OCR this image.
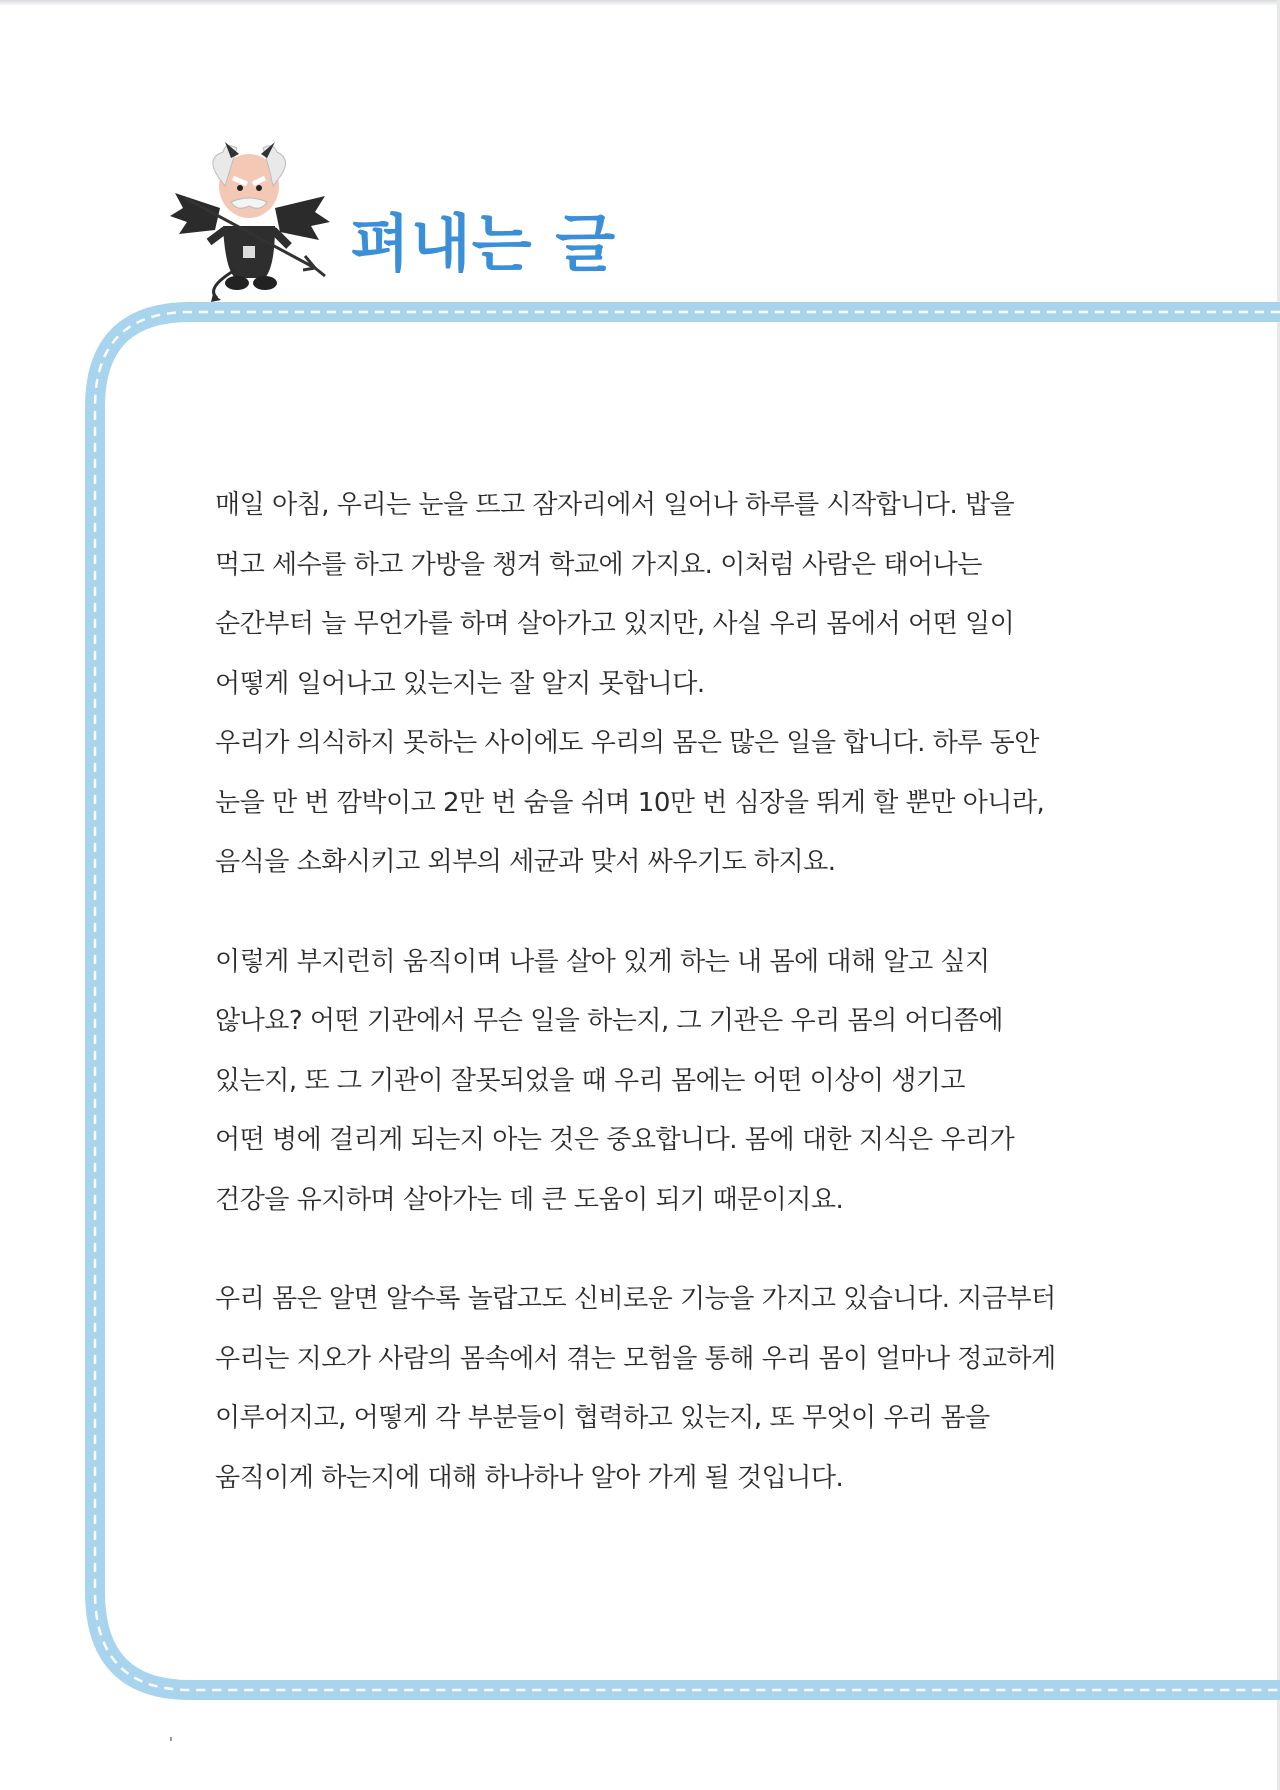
펴내는 글
매일 아침, 우리는 눈을 뜨고 잠자리에서 일어나 하루를 시작합니다. 밥을
먹고 세수를 하고 가방을 챙겨 학교에 가지요. 이처럼 사람은 태어나는
순간부터 늘 무언가를 하며 살아가고 있지만, 사실 우리 몸에서 어떤 일이
어떻게 일어나고 있는지는 잘 알지 못합니다.
우리가 의식하지 못하는 사이에도 우리의 몸은 많은 일을 합니다. 하루 동안
눈을 만 번 깜박이고 2만 번 숨을 쉬며 10만 번 심장을 뛰게 할 뿐만 아니라,
음식을 소화시키고 외부의 세균과 맞서 싸우기도 하지요.
이렇게 부지런히 움직이며 나를 살아 있게 하는 내 몸에 대해 알고 싶지
않나요? 어떤 기관에서 무슨 일을 하는지, 그 기관은 우리 몸의 어디쯤에
있는지, 또 그 기관이 잘못되었을 때 우리 몸에는 어떤 이상이 생기고
어떤 병에 걸리게 되는지 아는 것은 중요합니다. 몸에 대한 지식은 우리가
건강을 유지하며 살아가는 데 큰 도움이 되기 때문이지요.
우리 몸은 알면 알수록 놀랍고도 신비로운 기능을 가지고 있습니다. 지금부터
우리는 지오가 사람의 몸속에서 겪는 모험을 통해 우리 몸이 얼마나 정교하게
이루어지고, 어떻게 각 부분들이 협력하고 있는지, 또 무엇이 우리 몸을
움직이게 하는지에 대해 하나하나 알아 가게 될 것입니다.
